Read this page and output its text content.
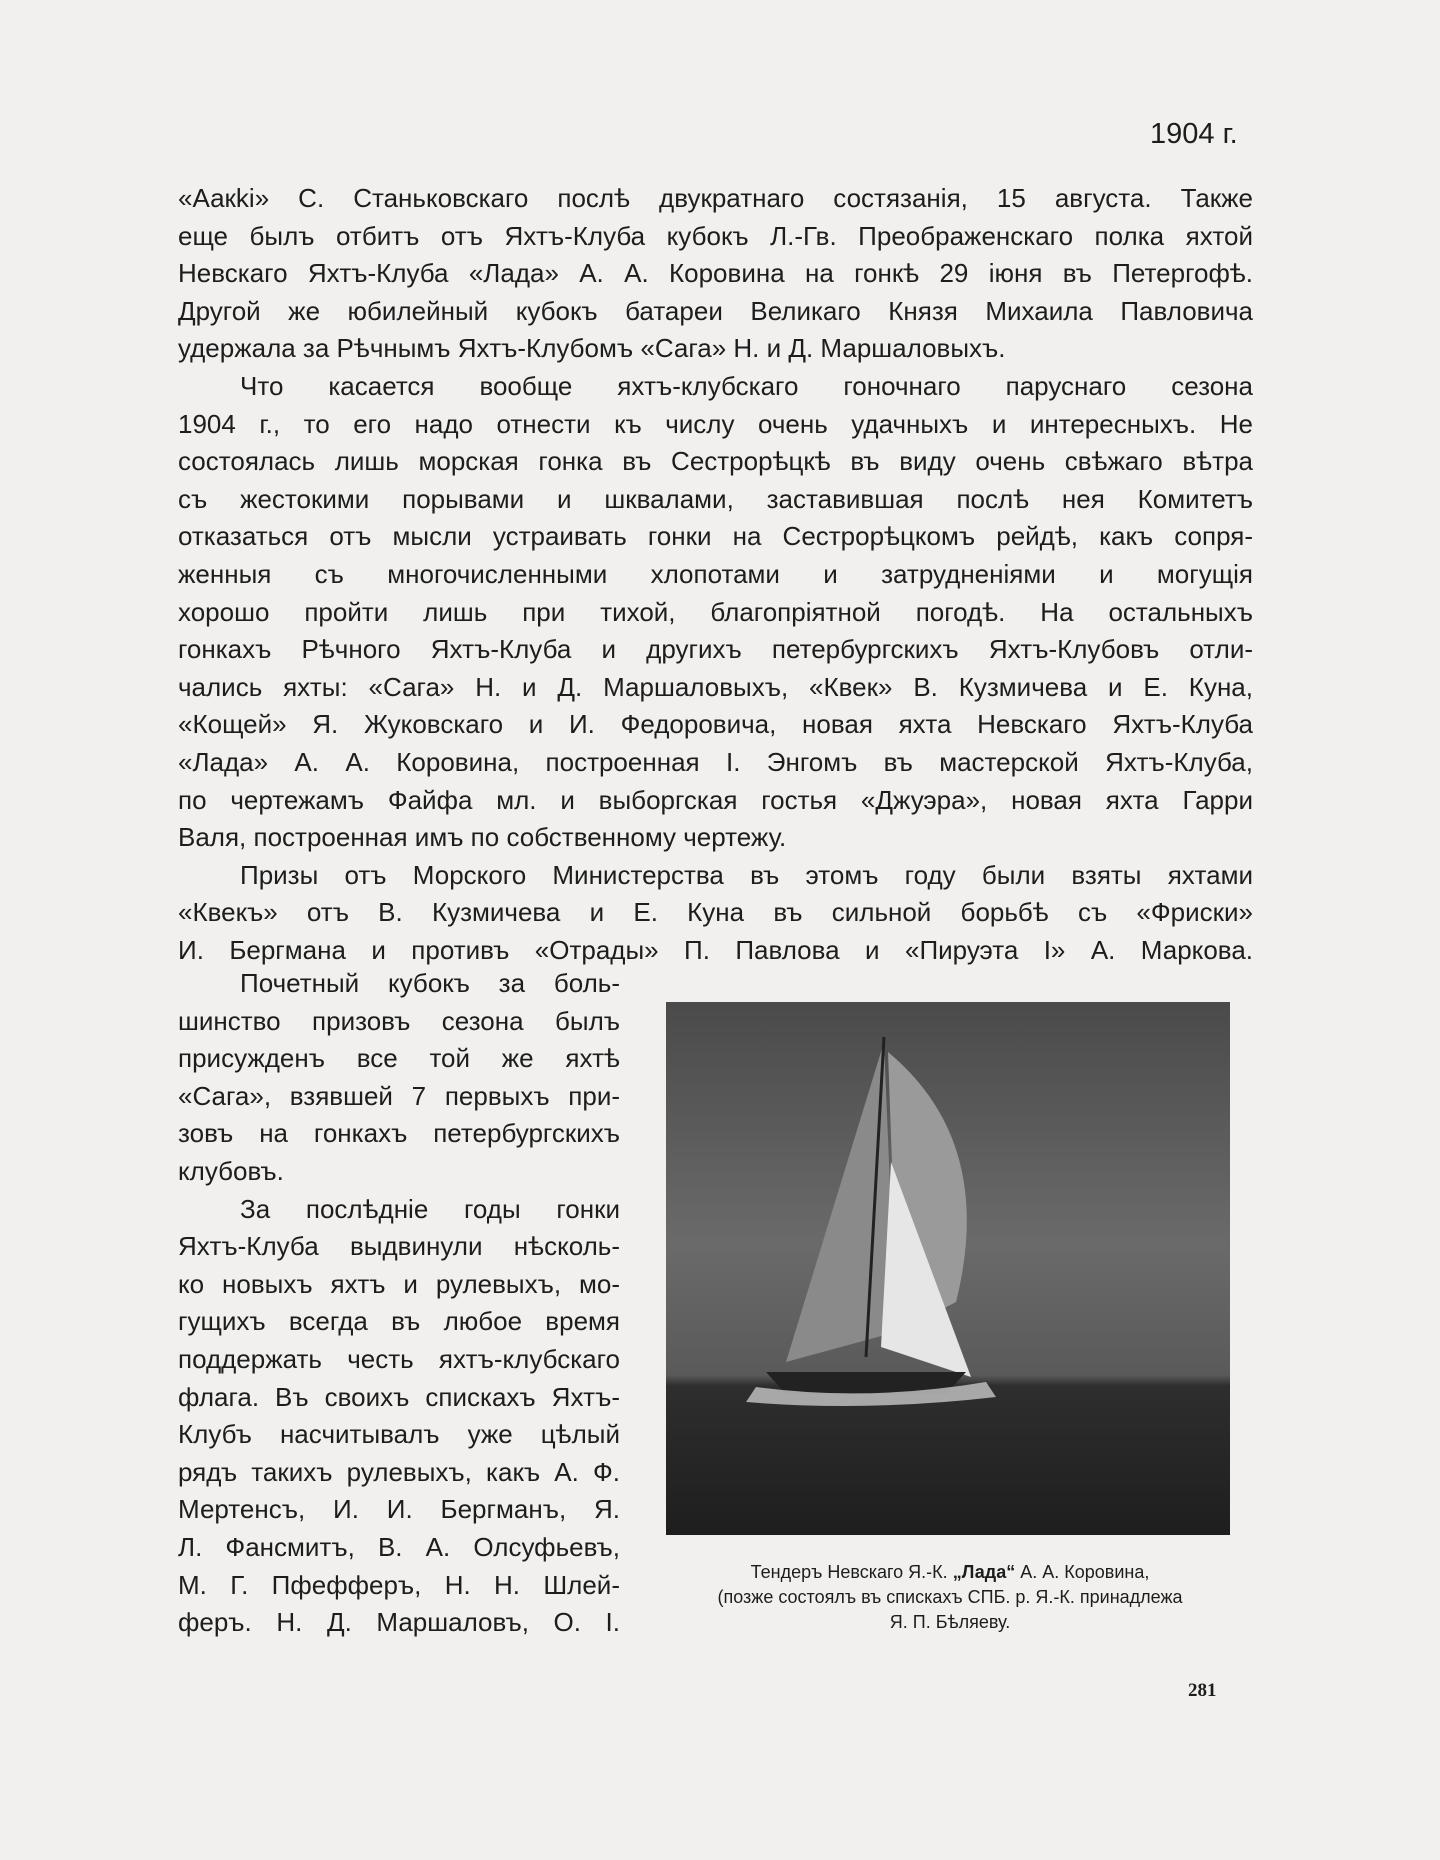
1904 г.
«Аакki» С. Станьковскаго послѣ двукратнаго состязанія, 15 августа. Также
еще былъ отбитъ отъ Яхтъ-Клуба кубокъ Л.-Гв. Преображенскаго полка яхтой
Невскаго Яхтъ-Клуба «Лада» А. А. Коровина на гонкѣ 29 іюня въ Петергофѣ.
Другой же юбилейный кубокъ батареи Великаго Князя Михаила Павловича
удержала за Рѣчнымъ Яхтъ-Клубомъ «Сага» Н. и Д. Маршаловыхъ.
Что касается вообще яхтъ-клубскаго гоночнаго паруснаго сезона
1904 г., то его надо отнести къ числу очень удачныхъ и интересныхъ. Не
состоялась лишь морская гонка въ Сестрорѣцкѣ въ виду очень свѣжаго вѣтра
съ жестокими порывами и шквалами, заставившая послѣ нея Комитетъ
отказаться отъ мысли устраивать гонки на Сестрорѣцкомъ рейдѣ, какъ сопря-
женныя съ многочисленными хлопотами и затрудненіями и могущія
хорошо пройти лишь при тихой, благопріятной погодѣ. На остальныхъ
гонкахъ Рѣчного Яхтъ-Клуба и другихъ петербургскихъ Яхтъ-Клубовъ отли-
чались яхты: «Сага» Н. и Д. Маршаловыхъ, «Квек» В. Кузмичева и Е. Куна,
«Кощей» Я. Жуковскаго и И. Федоровича, новая яхта Невскаго Яхтъ-Клуба
«Лада» А. А. Коровина, построенная І. Энгомъ въ мастерской Яхтъ-Клуба,
по чертежамъ Файфа мл. и выборгская гостья «Джуэра», новая яхта Гарри
Валя, построенная имъ по собственному чертежу.
Призы отъ Морского Министерства въ этомъ году были взяты яхтами
«Квекъ» отъ В. Кузмичева и Е. Куна въ сильной борьбѣ съ «Фриски»
И. Бергмана и противъ «Отрады» П. Павлова и «Пируэта І» А. Маркова.
Почетный кубокъ за боль-
шинство призовъ сезона былъ
присужденъ все той же яхтѣ
«Сага», взявшей 7 первыхъ при-
зовъ на гонкахъ петербургскихъ
клубовъ.
За послѣдніе годы гонки
Яхтъ-Клуба выдвинули нѣсколь-
ко новыхъ яхтъ и рулевыхъ, мо-
гущихъ всегда въ любое время
поддержать честь яхтъ-клубскаго
флага. Въ своихъ спискахъ Яхтъ-
Клубъ насчитывалъ уже цѣлый
рядъ такихъ рулевыхъ, какъ А. Ф.
Мертенсъ, И. И. Бергманъ, Я.
Л. Фансмитъ, В. А. Олсуфьевъ,
М. Г. Пфефферъ, Н. Н. Шлей-
феръ. Н. Д. Маршаловъ, О. І.
Тендеръ Невскаго Я.-К. „Лада“ А. А. Коровина,
(позже состоялъ въ спискахъ СПБ. р. Я.-К. принадлежа
Я. П. Бѣляеву.
281
